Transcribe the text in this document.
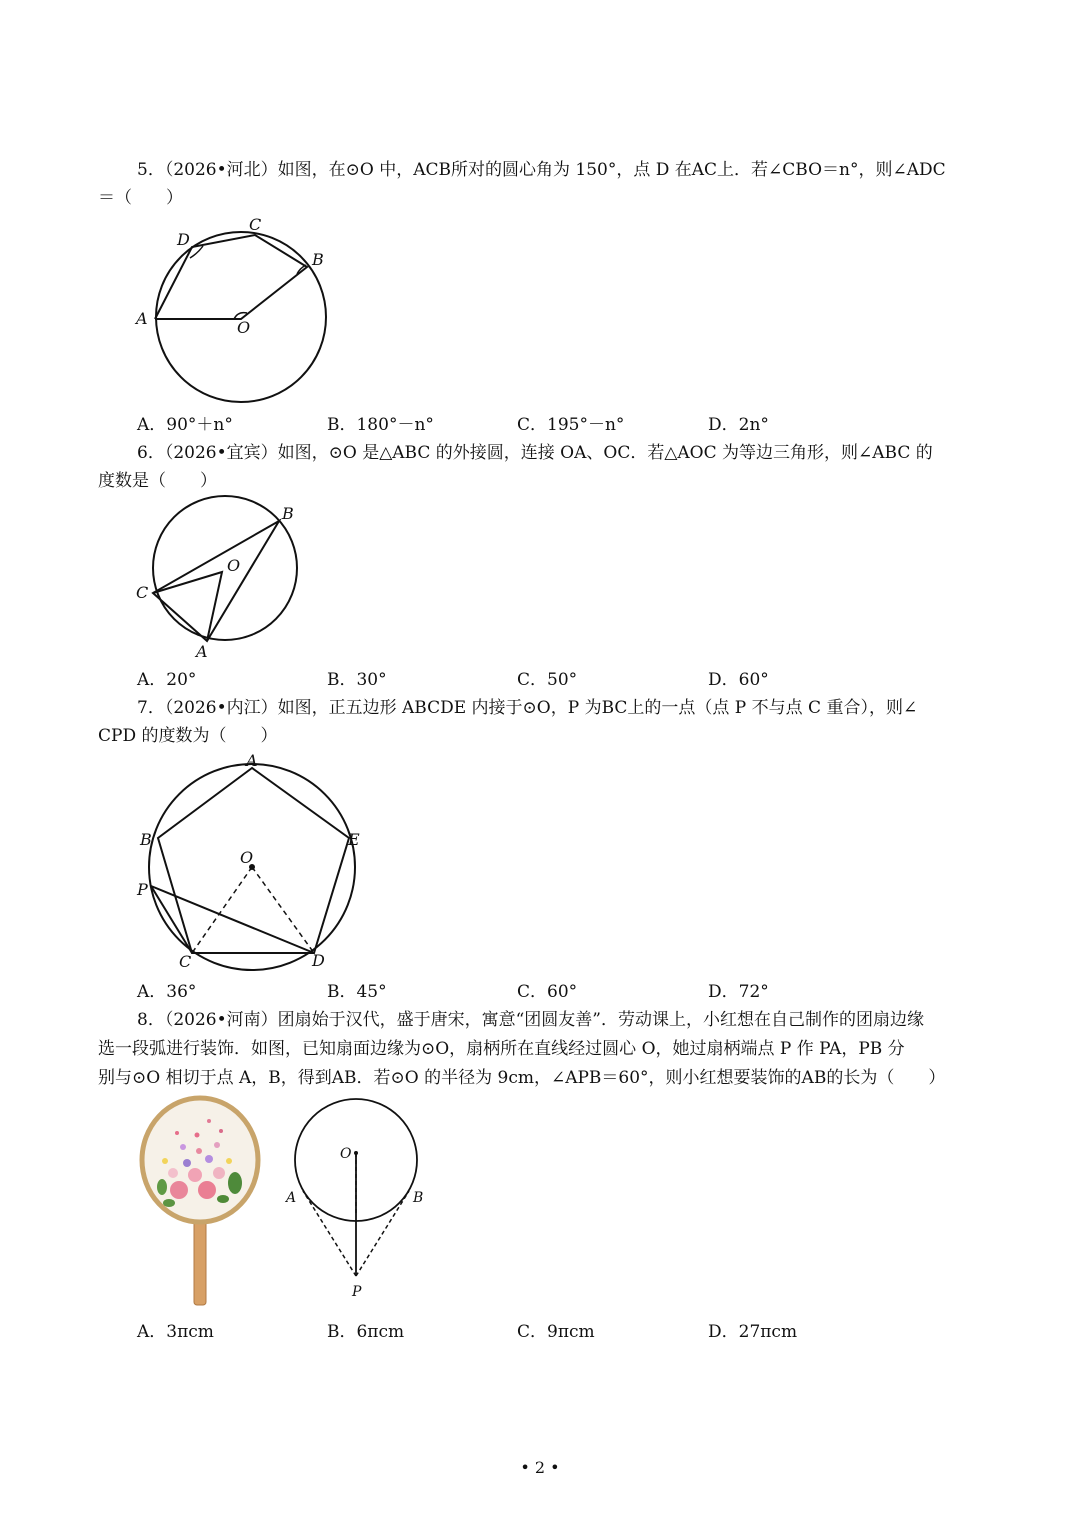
5．（2026•河北）如图，在⊙O 中，ACB所对的圆心角为 150°，点 D 在AC上．若∠CBO＝n°，则∠ADC
＝（　　）
A
B
C
D
O
A．90°＋n°	B．180°－n°	C．195°－n°	D．2n°
6．（2026•宜宾）如图，⊙O 是△ABC 的外接圆，连接 OA、OC．若△AOC 为等边三角形，则∠ABC 的
度数是（　　）
B
C
O
A
A．20°	B．30°	C．50°	D．60°
7．（2026•内江）如图，正五边形 ABCDE 内接于⊙O，P 为BC上的一点（点 P 不与点 C 重合），则∠
CPD 的度数为（　　）
A
B	E
O
P
C	D
A．36°	B．45°	C．60°	D．72°
8．（2026•河南）团扇始于汉代，盛于唐宋，寓意“团圆友善”．劳动课上，小红想在自己制作的团扇边缘
选一段弧进行装饰．如图，已知扇面边缘为⊙O，扇柄所在直线经过圆心 O，她过扇柄端点 P 作 PA，PB 分
别与⊙O 相切于点 A，B，得到AB．若⊙O 的半径为 9cm，∠APB＝60°，则小红想要装饰的AB的长为（　　）
O
A	B
P
A．3πcm	B．6πcm	C．9πcm	D．27πcm
• 2 •
